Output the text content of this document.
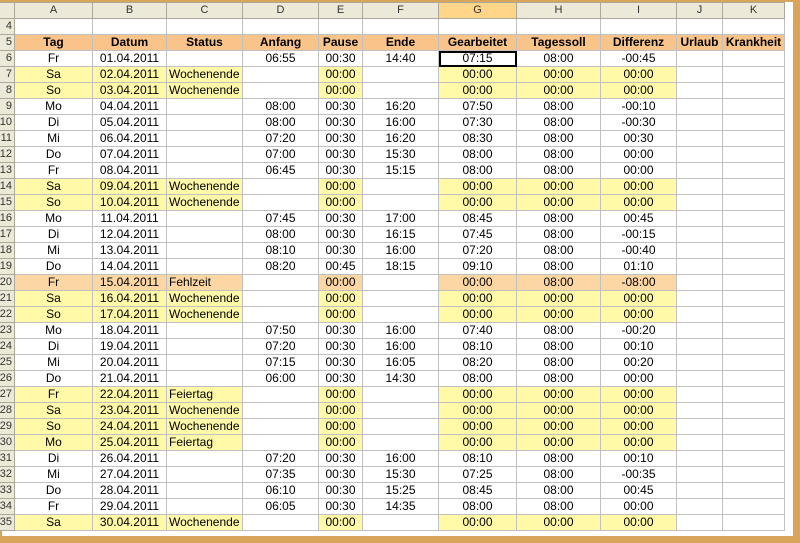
	A	B	C	D	E	F	G	H	I	J	K
4											
5	Tag	Datum	Status	Anfang	Pause	Ende	Gearbeitet	Tagessoll	Differenz	Urlaub	Krankheit
6	Fr	01.04.2011		06:55	00:30	14:40	07:15	08:00	-00:45		
7	Sa	02.04.2011	Wochenende		00:00		00:00	00:00	00:00		
8	So	03.04.2011	Wochenende		00:00		00:00	00:00	00:00		
9	Mo	04.04.2011		08:00	00:30	16:20	07:50	08:00	-00:10		
10	Di	05.04.2011		08:00	00:30	16:00	07:30	08:00	-00:30		
11	Mi	06.04.2011		07:20	00:30	16:20	08:30	08:00	00:30		
12	Do	07.04.2011		07:00	00:30	15:30	08:00	08:00	00:00		
13	Fr	08.04.2011		06:45	00:30	15:15	08:00	08:00	00:00		
14	Sa	09.04.2011	Wochenende		00:00		00:00	00:00	00:00		
15	So	10.04.2011	Wochenende		00:00		00:00	00:00	00:00		
16	Mo	11.04.2011		07:45	00:30	17:00	08:45	08:00	00:45		
17	Di	12.04.2011		08:00	00:30	16:15	07:45	08:00	-00:15		
18	Mi	13.04.2011		08:10	00:30	16:00	07:20	08:00	-00:40		
19	Do	14.04.2011		08:20	00:45	18:15	09:10	08:00	01:10		
20	Fr	15.04.2011	Fehlzeit		00:00		00:00	08:00	-08:00		
21	Sa	16.04.2011	Wochenende		00:00		00:00	00:00	00:00		
22	So	17.04.2011	Wochenende		00:00		00:00	00:00	00:00		
23	Mo	18.04.2011		07:50	00:30	16:00	07:40	08:00	-00:20		
24	Di	19.04.2011		07:20	00:30	16:00	08:10	08:00	00:10		
25	Mi	20.04.2011		07:15	00:30	16:05	08:20	08:00	00:20		
26	Do	21.04.2011		06:00	00:30	14:30	08:00	08:00	00:00		
27	Fr	22.04.2011	Feiertag		00:00		00:00	00:00	00:00		
28	Sa	23.04.2011	Wochenende		00:00		00:00	00:00	00:00		
29	So	24.04.2011	Wochenende		00:00		00:00	00:00	00:00		
30	Mo	25.04.2011	Feiertag		00:00		00:00	00:00	00:00		
31	Di	26.04.2011		07:20	00:30	16:00	08:10	08:00	00:10		
32	Mi	27.04.2011		07:35	00:30	15:30	07:25	08:00	-00:35		
33	Do	28.04.2011		06:10	00:30	15:25	08:45	08:00	00:45		
34	Fr	29.04.2011		06:05	00:30	14:35	08:00	08:00	00:00		
35	Sa	30.04.2011	Wochenende		00:00		00:00	00:00	00:00		
